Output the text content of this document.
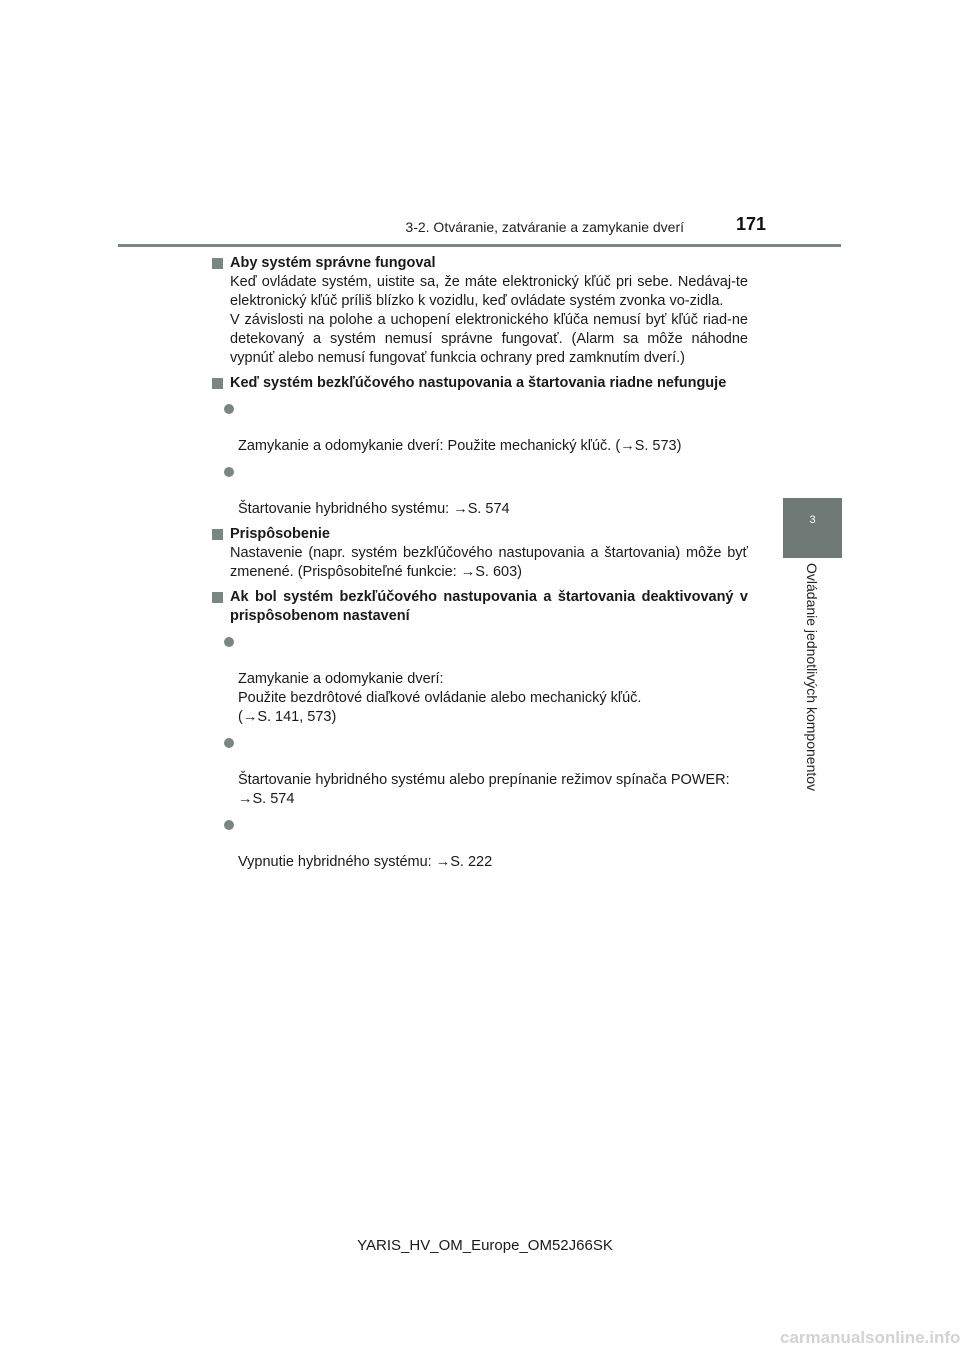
3-2. Otváranie, zatváranie a zamykanie dverí	171
3
Ovládanie jednotlivých komponentov
Aby systém správne fungoval
Keď ovládate systém, uistite sa, že máte elektronický kľúč pri sebe. Nedávaj-te elektronický kľúč príliš blízko k vozidlu, keď ovládate systém zvonka vo-zidla.
V závislosti na polohe a uchopení elektronického kľúča nemusí byť kľúč riad-ne detekovaný a systém nemusí správne fungovať. (Alarm sa môže náhodne vypnúť alebo nemusí fungovať funkcia ochrany pred zamknutím dverí.)
Keď systém bezkľúčového nastupovania a štartovania riadne nefunguje

Zamykanie a odomykanie dverí: Použite mechanický kľúč. (→S. 573)

Štartovanie hybridného systému: →S. 574

Prispôsobenie
Nastavenie (napr. systém bezkľúčového nastupovania a štartovania) môže byť zmenené. (Prispôsobiteľné funkcie: →S. 603)
Ak bol systém bezkľúčového nastupovania a štartovania deaktivovaný v prispôsobenom nastavení

Zamykanie a odomykanie dverí:
Použite bezdrôtové diaľkové ovládanie alebo mechanický kľúč.
(→S. 141, 573)

Štartovanie hybridného systému alebo prepínanie režimov spínača POWER:
→S. 574

Vypnutie hybridného systému: →S. 222

YARIS_HV_OM_Europe_OM52J66SK
carmanualsonline.info
